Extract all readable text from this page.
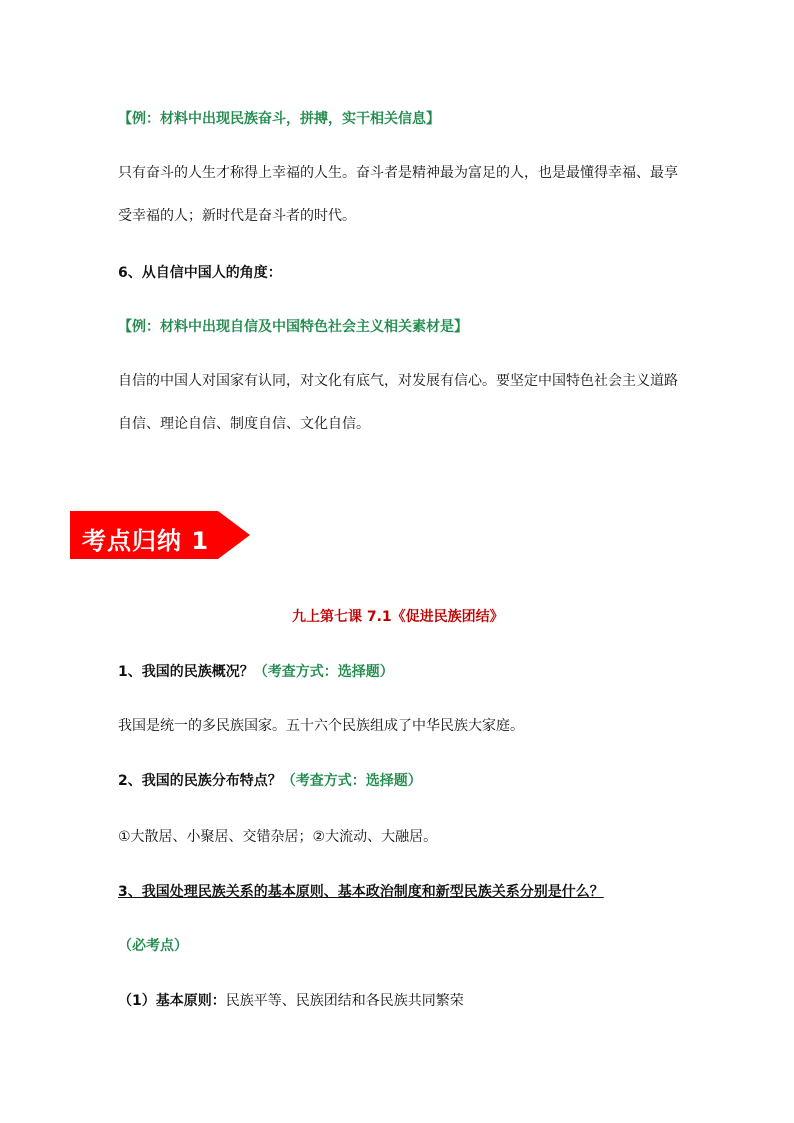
【例：材料中出现民族奋斗，拼搏，实干相关信息】
只有奋斗的人生才称得上幸福的人生。奋斗者是精神最为富足的人，也是最懂得幸福、最享
受幸福的人；新时代是奋斗者的时代。
6、从自信中国人的角度：
【例：材料中出现自信及中国特色社会主义相关素材是】
自信的中国人对国家有认同，对文化有底气，对发展有信心。要坚定中国特色社会主义道路
自信、理论自信、制度自信、文化自信。
考点归纳 1
九上第七课 7.1《促进民族团结》
1、我国的民族概况？（考查方式：选择题）
我国是统一的多民族国家。五十六个民族组成了中华民族大家庭。
2、我国的民族分布特点？（考查方式：选择题）
①大散居、小聚居、交错杂居；②大流动、大融居。
3、我国处理民族关系的基本原则、基本政治制度和新型民族关系分别是什么？
（必考点）
（1）基本原则：民族平等、民族团结和各民族共同繁荣
